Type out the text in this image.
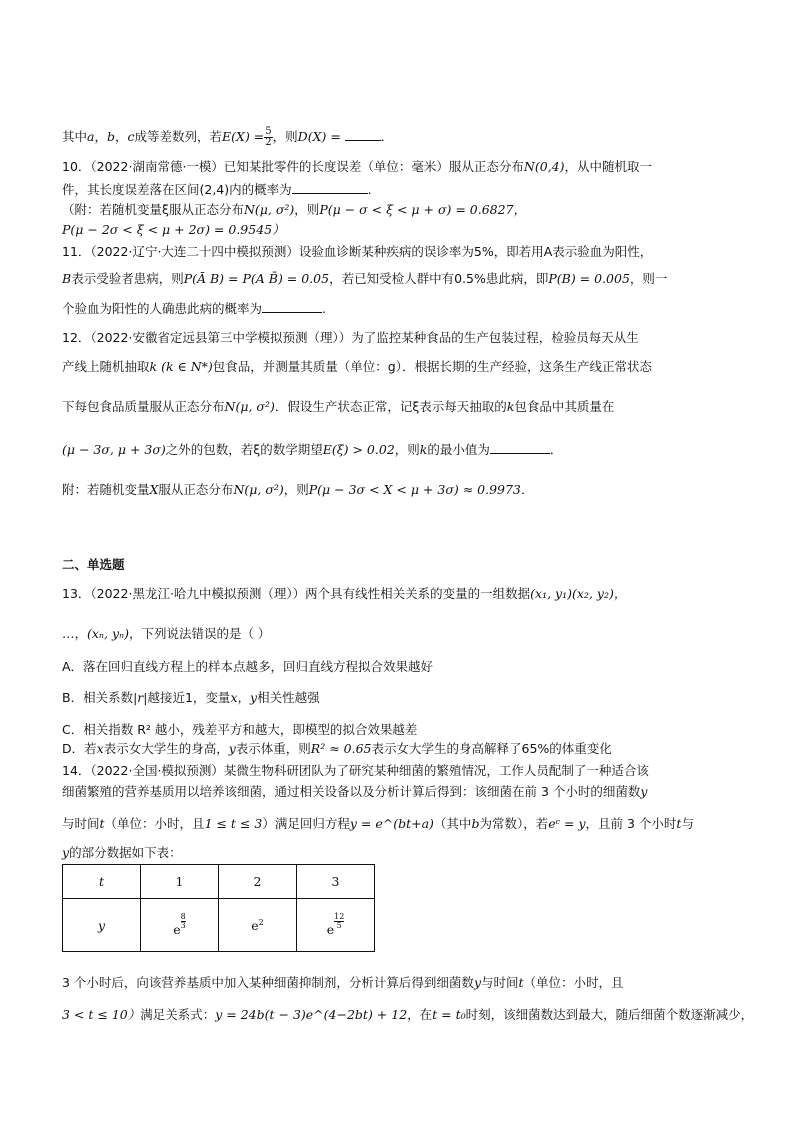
其中a，b，c成等差数列，若$E(X) = \frac{5}{2}$ ，则D(X) =	．
10．（2022·湖南常德·一模）已知某批零件的长度误差（单位：毫米）服从正态分布N(0,4)，从中随机取一
件，其长度误差落在区间(2,4)内的概率为	.
（附：若随机变量ξ服从正态分布N(μ, σ²)，则P(μ − σ < ξ < μ + σ) = 0.6827，
P(μ − 2σ < ξ < μ + 2σ) = 0.9545）
11．（2022·辽宁·大连二十四中模拟预测）设验血诊断某种疾病的误诊率为5%，即若用A表示验血为阳性，
B表示受验者患病，则P(Ā B) = P(A B̄) = 0.05，若已知受检人群中有0.5%患此病，即P(B) = 0.005，则一
个验血为阳性的人确患此病的概率为	.
12．（2022·安徽省定远县第三中学模拟预测（理））为了监控某种食品的生产包装过程，检验员每天从生
产线上随机抽取k (k ∈ N*)包食品，并测量其质量（单位：g）．根据长期的生产经验，这条生产线正常状态
下每包食品质量服从正态分布N(μ, σ²)．假设生产状态正常，记ξ表示每天抽取的k包食品中其质量在
(μ − 3σ, μ + 3σ)之外的包数，若ξ的数学期望E(ξ) > 0.02，则k的最小值为	．
附：若随机变量X服从正态分布N(μ, σ²)，则P(μ − 3σ < X < μ + 3σ) ≈ 0.9973．
二、单选题
13．（2022·黑龙江·哈九中模拟预测（理））两个具有线性相关关系的变量的一组数据(x₁, y₁)(x₂, y₂)，
…，(xₙ, yₙ)，下列说法错误的是（ ）
A．落在回归直线方程上的样本点越多，回归直线方程拟合效果越好
B．相关系数|r|越接近1，变量x，y相关性越强
C．相关指数 R² 越小，残差平方和越大，即模型的拟合效果越差
D．若x表示女大学生的身高，y表示体重，则R² ≈ 0.65表示女大学生的身高解释了65%的体重变化
14．（2022·全国·模拟预测）某微生物科研团队为了研究某种细菌的繁殖情况，工作人员配制了一种适合该
细菌繁殖的营养基质用以培养该细菌，通过相关设备以及分析计算后得到：该细菌在前 3 个小时的细菌数y
与时间t（单位：小时，且1 ≤ t ≤ 3）满足回归方程y = e^(bt+a)（其中b为常数），若eᶜ = y，且前 3 个小时t与
y的部分数据如下表：
t	1	2	3
y	e $\frac{8}{3}$	$e^2$	e $\frac{12}{5}$
3 个小时后，向该营养基质中加入某种细菌抑制剂，分析计算后得到细菌数y与时间t（单位：小时，且
3 < t ≤ 10）满足关系式：y = 24b(t − 3)e^(4−2bt) + 12，在t = t₀时刻，该细菌数达到最大，随后细菌个数逐渐减少，
